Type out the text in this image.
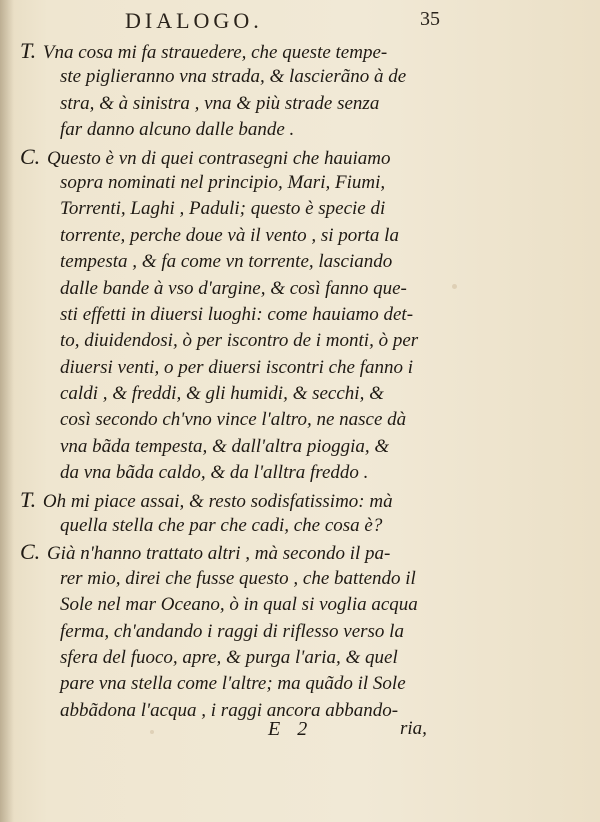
DIALOGO.	35
T. Vna cosa mi fa strauedere, che queste tempe-
ste piglieranno vna strada, & lascierãno à de
stra, & à sinistra , vna & più strade senza
far danno alcuno dalle bande .
C. Questo è vn di quei contrasegni che hauiamo
sopra nominati nel principio, Mari, Fiumi,
Torrenti, Laghi , Paduli; questo è specie di
torrente, perche doue và il vento , si porta la
tempesta , & fa come vn torrente, lasciando
dalle bande à vso d'argine, & così fanno que-
sti effetti in diuersi luoghi: come hauiamo det-
to, diuidendosi, ò per iscontro de i monti, ò per
diuersi venti, o per diuersi iscontri che fanno i
caldi , & freddi, & gli humidi, & secchi, &
così secondo ch'vno vince l'altro, ne nasce dà
vna bãda tempesta, & dall'altra pioggia, &
da vna bãda caldo, & da l'alltra freddo .
T. Oh mi piace assai, & resto sodisfatissimo: mà
quella stella che par che cadi, che cosa è?
C. Già n'hanno trattato altri , mà secondo il pa-
rer mio, direi che fusse questo , che battendo il
Sole nel mar Oceano, ò in qual si voglia acqua
ferma, ch'andando i raggi di riflesso verso la
sfera del fuoco, apre, & purga l'aria, & quel
pare vna stella come l'altre; ma quãdo il Sole
abbãdona l'acqua , i raggi ancora abbando-
E 2	ria,
